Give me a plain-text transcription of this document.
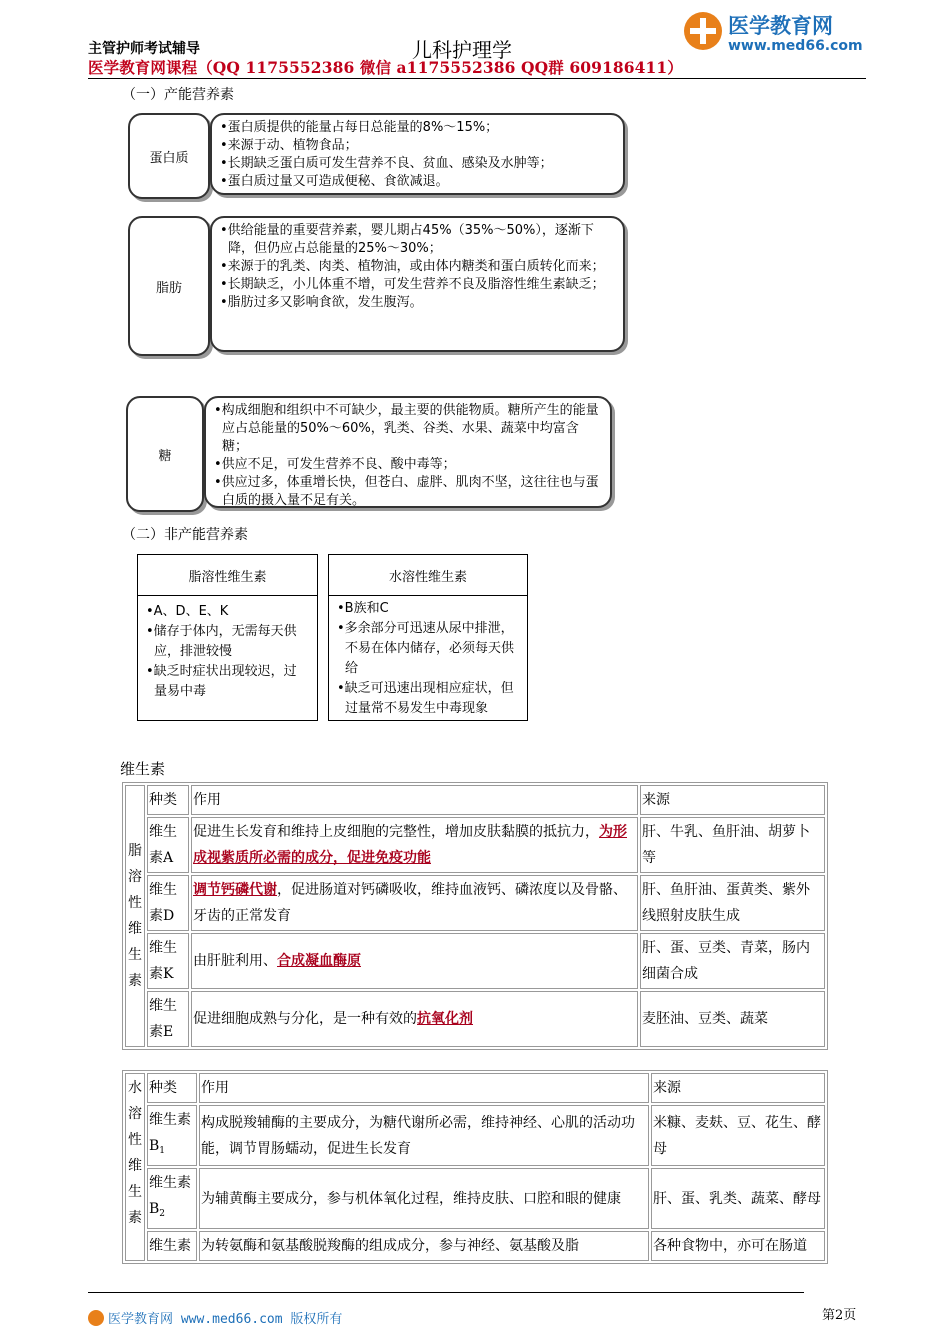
主管护师考试辅导	儿科护理学
医学教育网课程（QQ 1175552386 微信 a1175552386 QQ群 609186411）
医学教育网
www.med66.com
（一）产能营养素
蛋白质
•蛋白质提供的能量占每日总能量的8%～15%；
•来源于动、植物食品；
•长期缺乏蛋白质可发生营养不良、贫血、感染及水肿等；
•蛋白质过量又可造成便秘、食欲减退。
脂肪
•供给能量的重要营养素，婴儿期占45%（35%～50%），逐渐下降，但仍应占总能量的25%～30%；
•来源于的乳类、肉类、植物油，或由体内糖类和蛋白质转化而来；
•长期缺乏，小儿体重不增，可发生营养不良及脂溶性维生素缺乏；
•脂肪过多又影响食欲，发生腹泻。
糖
•构成细胞和组织中不可缺少，最主要的供能物质。糖所产生的能量应占总能量的50%～60%，乳类、谷类、水果、蔬菜中均富含糖；
•供应不足，可发生营养不良、酸中毒等；
•供应过多，体重增长快，但苍白、虚胖、肌肉不坚，这往往也与蛋白质的摄入量不足有关。
（二）非产能营养素
脂溶性维生素
•A、D、E、K
•储存于体内，无需每天供应，排泄较慢
•缺乏时症状出现较迟，过量易中毒
水溶性维生素
•B族和C
•多余部分可迅速从尿中排泄，不易在体内储存，必须每天供给
•缺乏可迅速出现相应症状，但过量常不易发生中毒现象
维生素
脂溶性维生素	种类	作用	来源
	维生素A	促进生长发育和维持上皮细胞的完整性，增加皮肤黏膜的抵抗力，为形成视紫质所必需的成分，促进免疫功能	肝、牛乳、鱼肝油、胡萝卜等
	维生素D	调节钙磷代谢，促进肠道对钙磷吸收，维持血液钙、磷浓度以及骨骼、牙齿的正常发育	肝、鱼肝油、蛋黄类、紫外线照射皮肤生成
	维生素K	由肝脏利用、合成凝血酶原	肝、蛋、豆类、青菜，肠内细菌合成
	维生素E	促进细胞成熟与分化，是一种有效的抗氧化剂	麦胚油、豆类、蔬菜
水溶性维生素	种类	作用	来源
	维生素$B_1$	构成脱羧辅酶的主要成分，为糖代谢所必需，维持神经、心肌的活动功能，调节胃肠蠕动，促进生长发育	米糠、麦麸、豆、花生、酵母
	维生素$B_2$	为辅黄酶主要成分，参与机体氧化过程，维持皮肤、口腔和眼的健康	肝、蛋、乳类、蔬菜、酵母
	维生素	为转氨酶和氨基酸脱羧酶的组成成分，参与神经、氨基酸及脂	各种食物中，亦可在肠道
医学教育网 www.med66.com 版权所有	第2页
